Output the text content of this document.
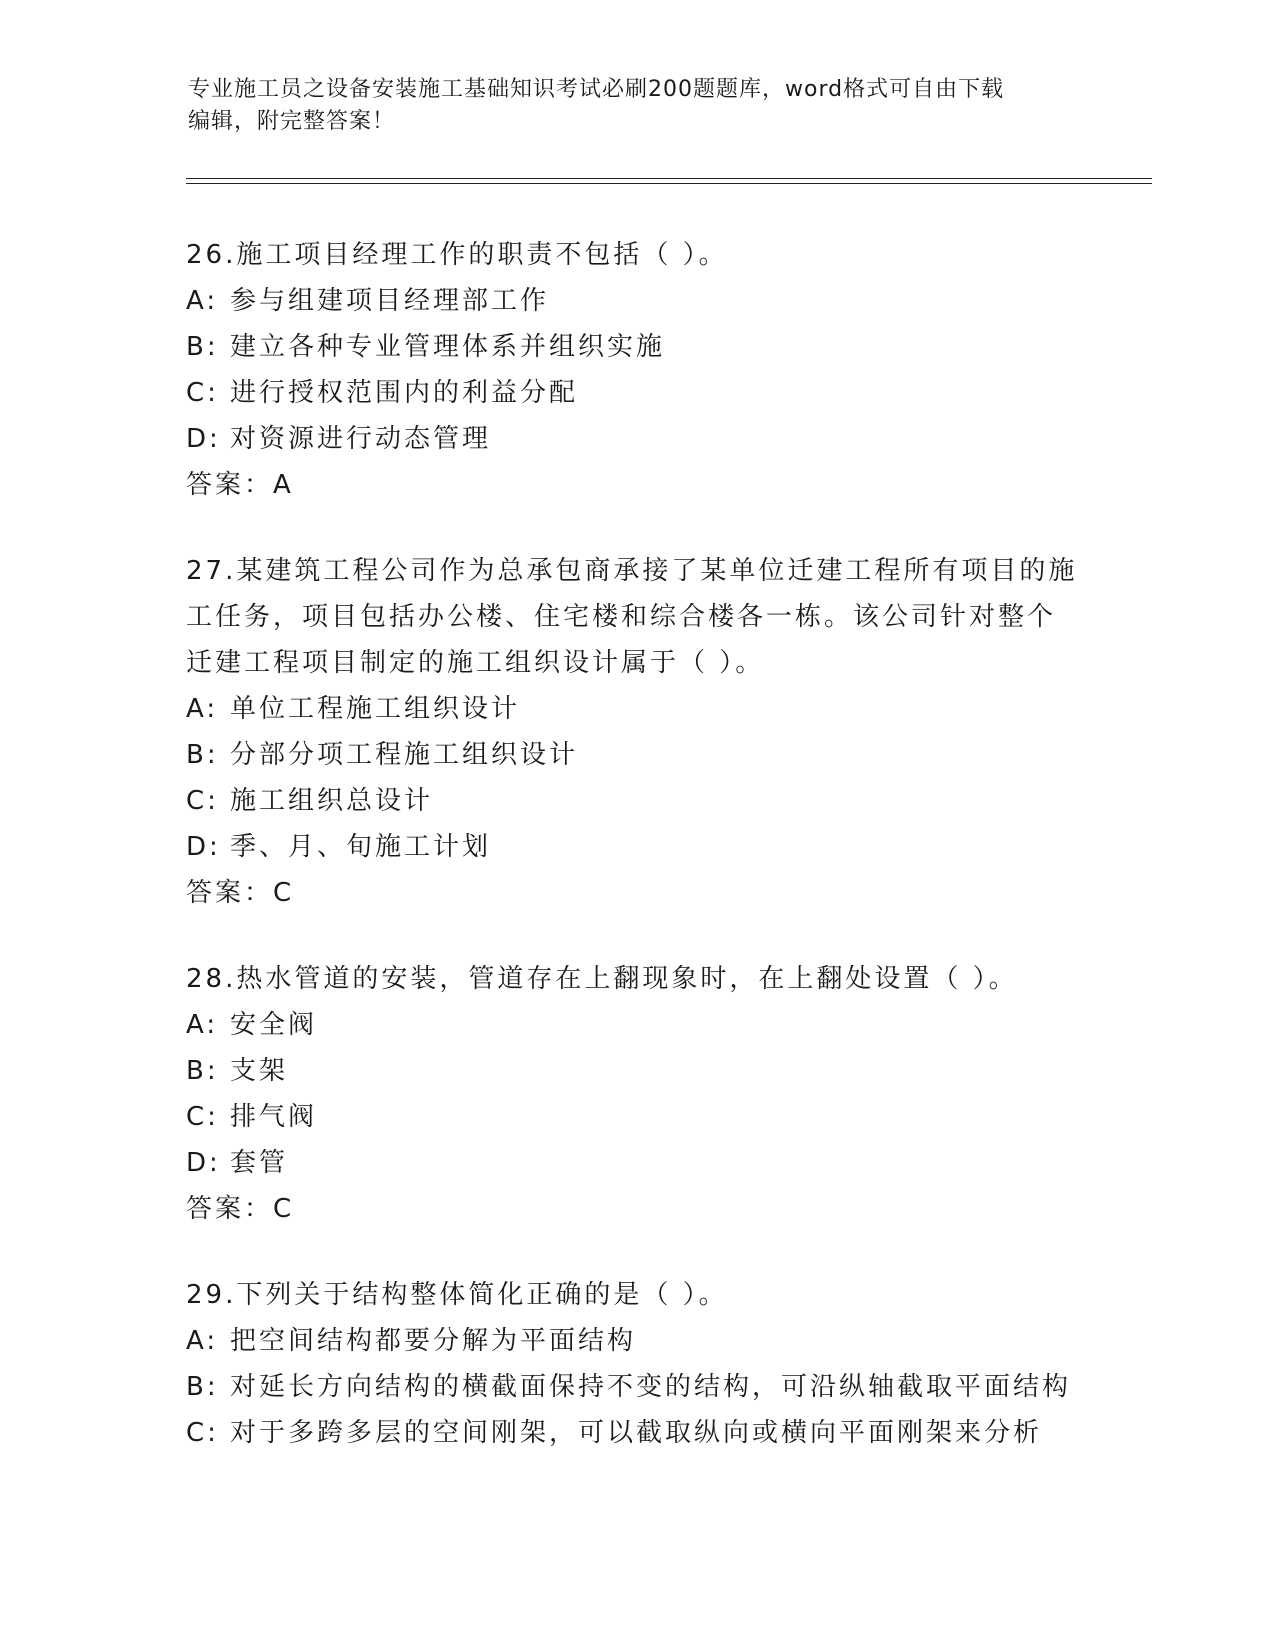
专业施工员之设备安装施工基础知识考试必刷200题题库，word格式可自由下载
编辑，附完整答案！
26.施工项目经理工作的职责不包括（ ）。
A: 参与组建项目经理部工作
B: 建立各种专业管理体系并组织实施
C: 进行授权范围内的利益分配
D: 对资源进行动态管理
答案：A
27.某建筑工程公司作为总承包商承接了某单位迁建工程所有项目的施
工任务，项目包括办公楼、住宅楼和综合楼各一栋。该公司针对整个
迁建工程项目制定的施工组织设计属于（ ）。
A: 单位工程施工组织设计
B: 分部分项工程施工组织设计
C: 施工组织总设计
D: 季、月、旬施工计划
答案：C
28.热水管道的安装，管道存在上翻现象时，在上翻处设置（ ）。
A: 安全阀
B: 支架
C: 排气阀
D: 套管
答案：C
29.下列关于结构整体简化正确的是（ ）。
A: 把空间结构都要分解为平面结构
B: 对延长方向结构的横截面保持不变的结构，可沿纵轴截取平面结构
C: 对于多跨多层的空间刚架，可以截取纵向或横向平面刚架来分析
